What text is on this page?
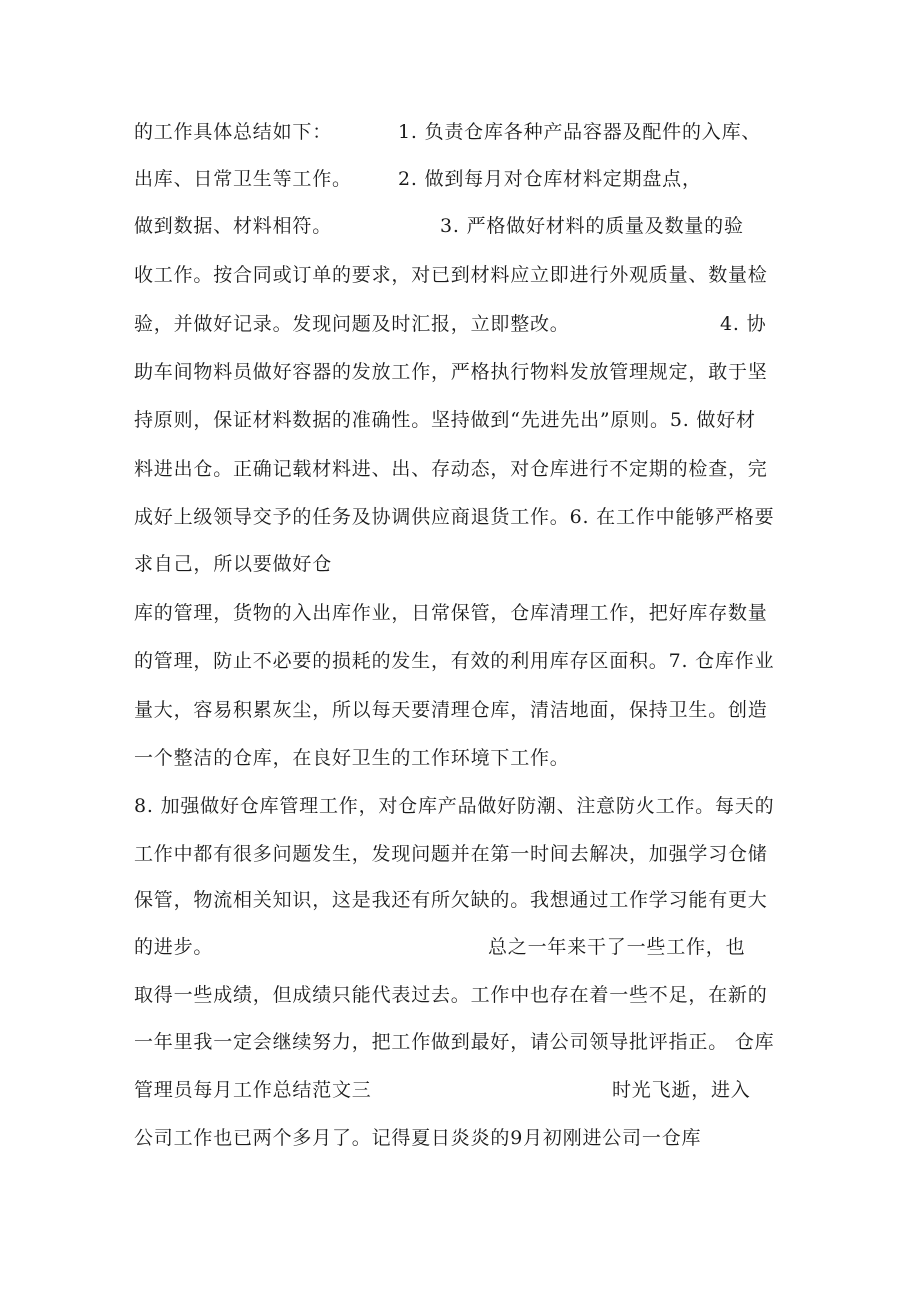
的工作具体总结如下：

	1. 负责仓库各种产品容器及配件的入库、

出库、日常卫生等工作。

2. 做到每月对仓库材料定期盘点，

做到数据、材料相符。

	3. 严格做好材料的质量及数量的验

收工作。按合同或订单的要求，对已到材料应立即进行外观质量、数量检

验，并做好记录。发现问题及时汇报，立即整改。

	4. 协

助车间物料员做好容器的发放工作，严格执行物料发放管理规定，敢于坚

持原则，保证材料数据的准确性。坚持做到“先进先出”原则。5. 做好材

料进出仓。正确记载材料进、出、存动态，对仓库进行不定期的检查，完

成好上级领导交予的任务及协调供应商退货工作。6. 在工作中能够严格要

求自己，所以要做好仓

库的管理，货物的入出库作业，日常保管，仓库清理工作，把好库存数量

的管理，防止不必要的损耗的发生，有效的利用库存区面积。7. 仓库作业

量大，容易积累灰尘，所以每天要清理仓库，清洁地面，保持卫生。创造

一个整洁的仓库，在良好卫生的工作环境下工作。

8. 加强做好仓库管理工作，对仓库产品做好防潮、注意防火工作。每天的

工作中都有很多问题发生，发现问题并在第一时间去解决，加强学习仓储

保管，物流相关知识，这是我还有所欠缺的。我想通过工作学习能有更大

的进步。

	总之一年来干了一些工作，也

取得一些成绩，但成绩只能代表过去。工作中也存在着一些不足，在新的

一年里我一定会继续努力，把工作做到最好，请公司领导批评指正。 仓库

管理员每月工作总结范文三

	时光飞逝，进入

公司工作也已两个多月了。记得夏日炎炎的9月初刚进公司一仓库
